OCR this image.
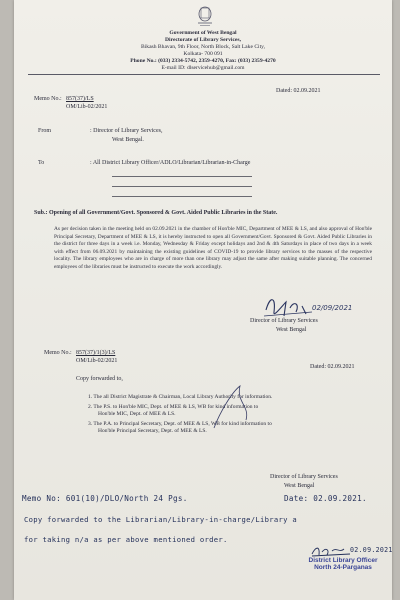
Government of West Bengal
Directorate of Library Services,
Bikash Bhavan, 9th Floor, North Block, Salt Lake City,
Kolkata- 700 091
Phone No.: (033) 2334-5742, 2359-4270, Fax: (033) 2359-4270
E-mail ID: dlservicehub@gmail.com
Memo No.: 857(37)/LS
OM/Lib-02/2021
Dated: 02.09.2021
From	: Director of Library Services,
West Bengal.
To	: All District Library Officer/ADLO/Librarian/Librarian-in-Charge
Sub.: Opening of all Government/Govt. Sponsored & Govt. Aided Public Libraries in the State.
As per decision taken in the meeting held on 02.09.2021 in the chamber of Hon'ble MIC, Department of MEE & LS, and also approval of Hon'ble Principal Secretary, Department of MEE & LS, it is hereby instructed to open all Government/Govt. Sponsored & Govt. Aided Public Libraries in the district for three days in a week i.e. Monday, Wednesday & Friday except holidays and 2nd & 4th Saturdays in place of two days in a week with effect from 06.09.2021 by maintaining the existing guidelines of COVID-19 to provide library services to the masses of the respective locality. The library employees who are in charge of more than one library may adjust the same after making suitable planning. The concerned employees of the libraries must be instructed to execute the work accordingly.
02/09/2021
Director of Library Services
West Bengal
Memo No.: 857(37)/1(3)/LS
OM/Lib-02/2021
Dated: 02.09.2021
Copy forwarded to,
1. The all District Magistrate & Chairman, Local Library Authority for information.
2. The P.S. to Hon'ble MIC, Dept. of MEE & LS, WB for kind information to
Hon'ble MIC, Dept. of MEE & LS.
3. The P.A. to Principal Secretary, Dept. of MEE & LS, WB for kind information to
Hon'ble Principal Secretary, Dept. of MEE & LS.
Director of Library Services
West Bengal
Memo No: 601(10)/DLO/North 24 Pgs.	Date: 02.09.2021.
Copy forwarded to the Librarian/Library-in-charge/Library a
for taking n/a as per above mentioned order.
02.09.2021
District Library Officer
North 24-Parganas
